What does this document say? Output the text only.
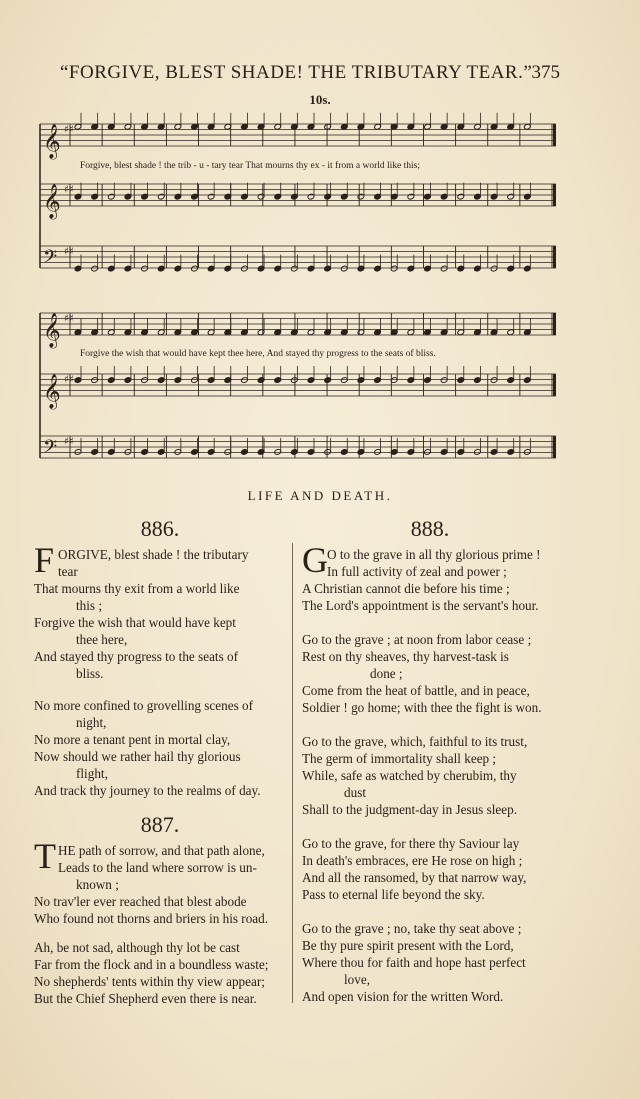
“FORGIVE, BLEST SHADE! THE TRIBUTARY TEAR.” 375
10s.
𝄞 ♯♯
𝄞 ♯♯
𝄢 ♯♯
𝄞 ♯♯
𝄞 ♯♯
𝄢 ♯♯
Forgive, blest shade ! the trib - u - tary tear That mourns thy ex - it from a world like this;
Forgive the wish that would have kept thee here, And stayed thy progress to the seats of bliss.
LIFE AND DEATH.
886.
F ORGIVE, blest shade ! the tributary
tear
That mourns thy exit from a world like
this ;
Forgive the wish that would have kept
thee here,
And stayed thy progress to the seats of
bliss.
No more confined to grovelling scenes of
night,
No more a tenant pent in mortal clay,
Now should we rather hail thy glorious
flight,
And track thy journey to the realms of day.
887.
T HE path of sorrow, and that path alone,
Leads to the land where sorrow is un-
known ;
No trav'ler ever reached that blest abode
Who found not thorns and briers in his road.
Ah, be not sad, although thy lot be cast
Far from the flock and in a boundless waste;
No shepherds' tents within thy view appear;
But the Chief Shepherd even there is near.
888.
G O to the grave in all thy glorious prime !
In full activity of zeal and power ;
A Christian cannot die before his time ;
The Lord's appointment is the servant's hour.
Go to the grave ; at noon from labor cease ;
Rest on thy sheaves, thy harvest-task is
done ;
Come from the heat of battle, and in peace,
Soldier ! go home; with thee the fight is won.
Go to the grave, which, faithful to its trust,
The germ of immortality shall keep ;
While, safe as watched by cherubim, thy
dust
Shall to the judgment-day in Jesus sleep.
Go to the grave, for there thy Saviour lay
In death's embraces, ere He rose on high ;
And all the ransomed, by that narrow way,
Pass to eternal life beyond the sky.
Go to the grave ; no, take thy seat above ;
Be thy pure spirit present with the Lord,
Where thou for faith and hope hast perfect
love,
And open vision for the written Word.
